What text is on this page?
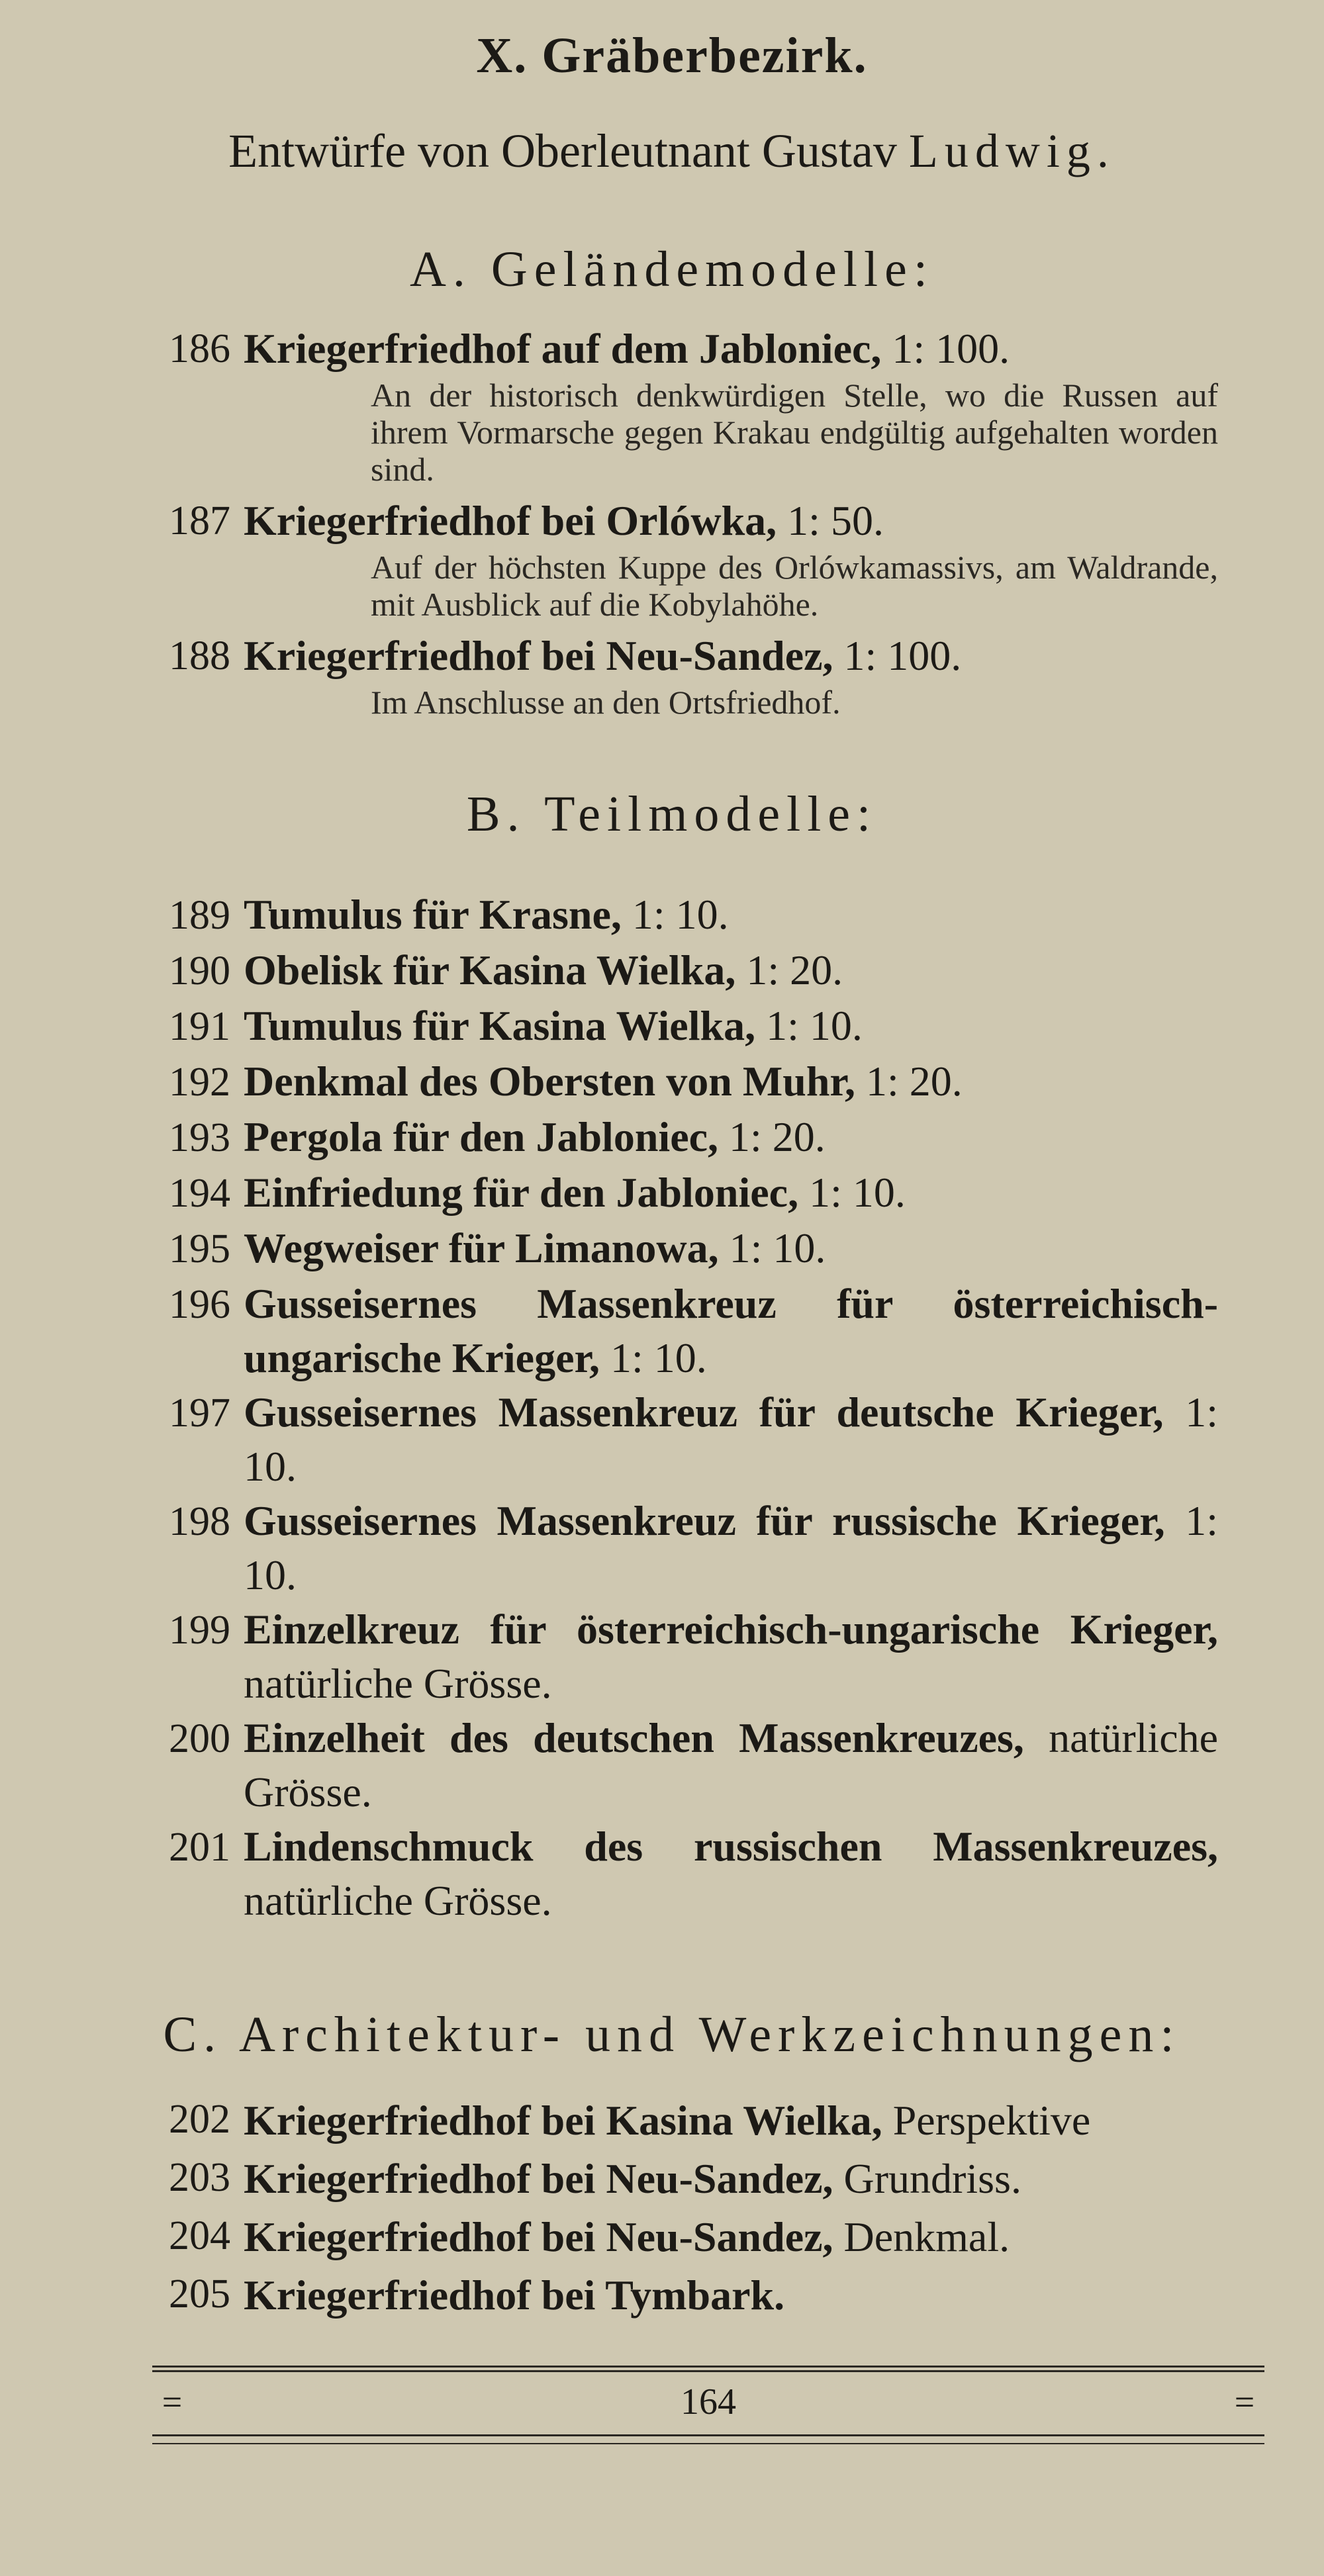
X. Gräberbezirk.
Entwürfe von Oberleutnant Gustav Ludwig.
A. Geländemodelle:
186 Kriegerfriedhof auf dem Jabloniec, 1: 100.
An der historisch denkwürdigen Stelle, wo die Russen auf ihrem Vormarsche gegen Krakau endgültig aufgehalten worden sind.
187 Kriegerfriedhof bei Orlówka, 1: 50.
Auf der höchsten Kuppe des Orlówkamassivs, am Waldrande, mit Ausblick auf die Kobylahöhe.
188 Kriegerfriedhof bei Neu-Sandez, 1: 100.
Im Anschlusse an den Ortsfriedhof.
B. Teilmodelle:
189 Tumulus für Krasne, 1: 10.
190 Obelisk für Kasina Wielka, 1: 20.
191 Tumulus für Kasina Wielka, 1: 10.
192 Denkmal des Obersten von Muhr, 1: 20.
193 Pergola für den Jabloniec, 1: 20.
194 Einfriedung für den Jabloniec, 1: 10.
195 Wegweiser für Limanowa, 1: 10.
196 Gusseisernes Massenkreuz für österreichisch-ungarische Krieger, 1: 10.
197 Gusseisernes Massenkreuz für deutsche Krieger, 1: 10.
198 Gusseisernes Massenkreuz für russische Krieger, 1: 10.
199 Einzelkreuz für österreichisch-ungarische Krieger, natürliche Grösse.
200 Einzelheit des deutschen Massenkreuzes, natürliche Grösse.
201 Lindenschmuck des russischen Massenkreuzes, natürliche Grösse.
C. Architektur- und Werkzeichnungen:
202 Kriegerfriedhof bei Kasina Wielka, Perspektive
203 Kriegerfriedhof bei Neu-Sandez, Grundriss.
204 Kriegerfriedhof bei Neu-Sandez, Denkmal.
205 Kriegerfriedhof bei Tymbark.
=	164	=
